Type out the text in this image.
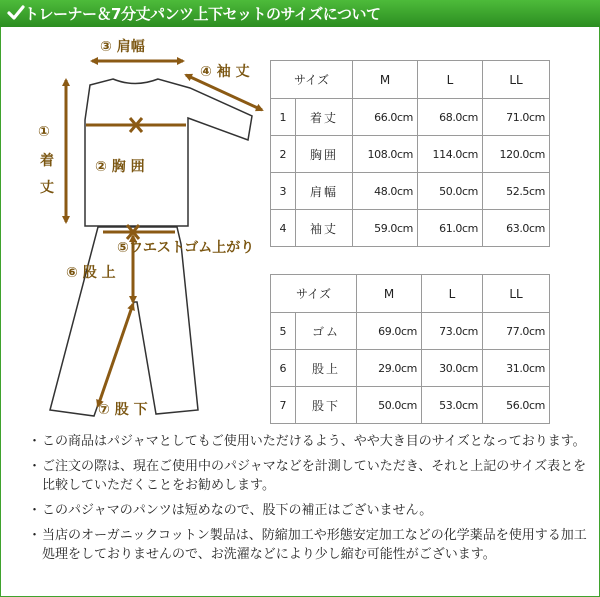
トレーナー＆7分丈パンツ上下セットのサイズについて
③ 肩幅
④ 袖 丈
①
着
丈
② 胸 囲
⑤ウエストゴム上がり
⑥ 股 上
⑦ 股 下
サイズ		M	L	LL
1	着丈	66.0cm	68.0cm	71.0cm
2	胸囲	108.0cm	114.0cm	120.0cm
3	肩幅	48.0cm	50.0cm	52.5cm
4	袖丈	59.0cm	61.0cm	63.0cm
サイズ		M	L	LL
5	ゴム	69.0cm	73.0cm	77.0cm
6	股上	29.0cm	30.0cm	31.0cm
7	股下	50.0cm	53.0cm	56.0cm
・ この商品はパジャマとしてもご使用いただけるよう、やや大き目のサイズとなっております。
・ ご注文の際は、現在ご使用中のパジャマなどを計測していただき、それと上記のサイズ表とを比較していただくことをお勧めします。
・ このパジャマのパンツは短めなので、股下の補正はございません。
・ 当店のオーガニックコットン製品は、防縮加工や形態安定加工などの化学薬品を使用する加工処理をしておりませんので、お洗濯などにより少し縮む可能性がございます。
